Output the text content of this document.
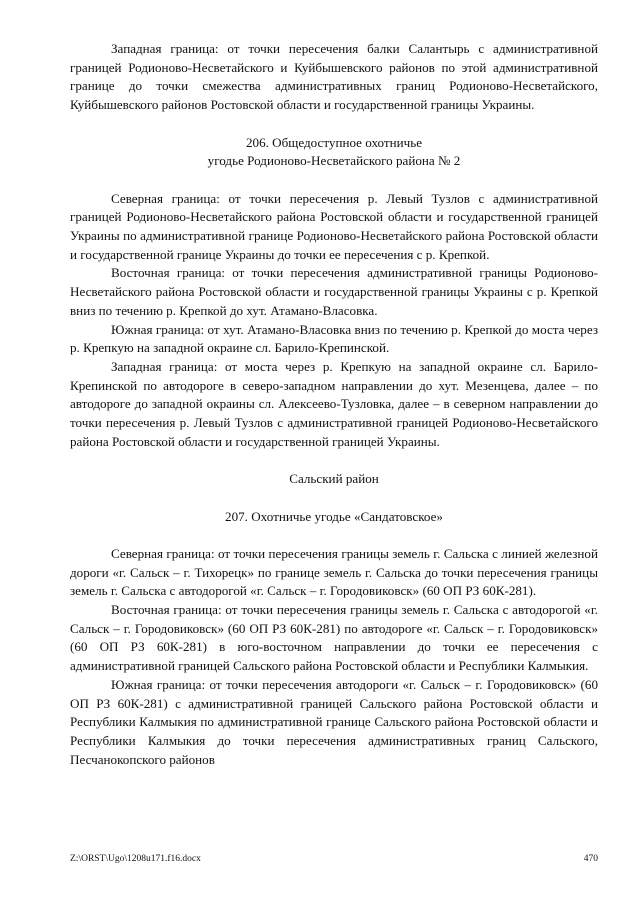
Западная граница: от точки пересечения балки Салантырь с административной границей Родионово-Несветайского и Куйбышевского районов по этой административной границе до точки смежества административных границ Родионово-Несветайского, Куйбышевского районов Ростовской области и государственной границы Украины.

206. Общедоступное охотничье
угодье Родионово-Несветайского района № 2

Северная граница: от точки пересечения р. Левый Тузлов с административной границей Родионово-Несветайского района Ростовской области и государственной границей Украины по административной границе Родионово-Несветайского района Ростовской области и государственной границе Украины до точки ее пересечения с р. Крепкой.

Восточная граница: от точки пересечения административной границы Родионово-Несветайского района Ростовской области и государственной границы Украины с р. Крепкой вниз по течению р. Крепкой до хут. Атамано-Власовка.

Южная граница: от хут. Атамано-Власовка вниз по течению р. Крепкой до моста через р. Крепкую на западной окраине сл. Барило-Крепинской.

Западная граница: от моста через р. Крепкую на западной окраине сл. Барило-Крепинской по автодороге в северо-западном направлении до хут. Мезенцева, далее – по автодороге до западной окраины сл. Алексеево-Тузловка, далее – в северном направлении до точки пересечения р. Левый Тузлов с административной границей Родионово-Несветайского района Ростовской области и государственной границей Украины.

Сальский район
207. Охотничье угодье «Сандатовское»

Северная граница: от точки пересечения границы земель г. Сальска с линией железной дороги «г. Сальск – г. Тихорецк» по границе земель г. Сальска до точки пересечения границы земель г. Сальска с автодорогой «г. Сальск – г. Городовиковск» (60 ОП РЗ 60К-281).

Восточная граница: от точки пересечения границы земель г. Сальска с автодорогой «г. Сальск – г. Городовиковск» (60 ОП РЗ 60К-281) по автодороге «г. Сальск – г. Городовиковск» (60 ОП РЗ 60К-281) в юго-восточном направлении до точки ее пересечения с административной границей Сальского района Ростовской области и Республики Калмыкия.

Южная граница: от точки пересечения автодороги «г. Сальск – г. Городовиковск» (60 ОП РЗ 60К-281) с административной границей Сальского района Ростовской области и Республики Калмыкия по административной границе Сальского района Ростовской области и Республики Калмыкия до точки пересечения административных границ Сальского, Песчанокопского районов

Z:\ORST\Ugo\1208u171.f16.docx	470
